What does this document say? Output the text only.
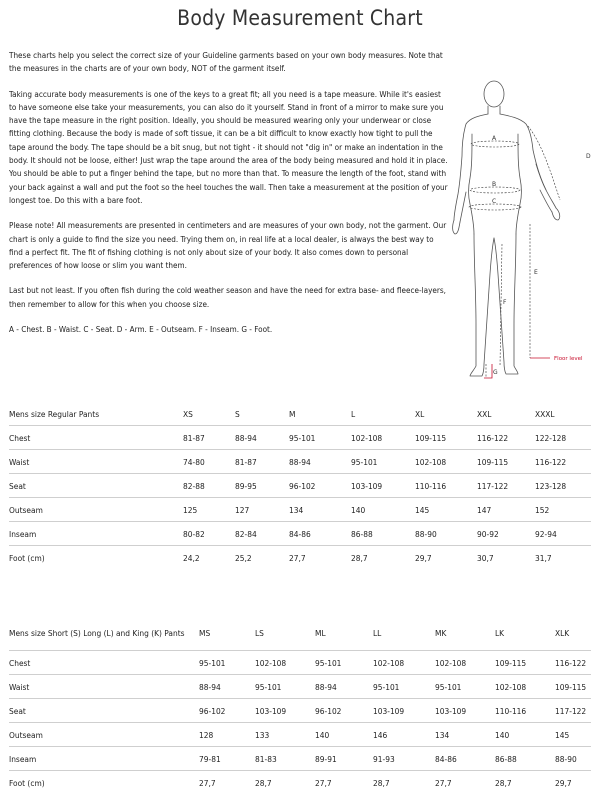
Body Measurement Chart

These charts help you select the correct size of your Guideline garments based on your own body measures. Note that the measures in the charts are of your own body, NOT of the garment itself.

Taking accurate body measurements is one of the keys to a great fit; all you need is a tape measure. While it's easiest to have someone else take your measurements, you can also do it yourself. Stand in front of a mirror to make sure you have the tape measure in the right position. Ideally, you should be measured wearing only your underwear or close fitting clothing. Because the body is made of soft tissue, it can be a bit difficult to know exactly how tight to pull the tape around the body. The tape should be a bit snug, but not tight - it should not "dig in" or make an indentation in the body. It should not be loose, either! Just wrap the tape around the area of the body being measured and hold it in place. You should be able to put a finger behind the tape, but no more than that. To measure the length of the foot, stand with your back against a wall and put the foot so the heel touches the wall. Then take a measurement at the position of your longest toe. Do this with a bare foot.

Please note! All measurements are presented in centimeters and are measures of your own body, not the garment. Our chart is only a guide to find the size you need. Trying them on, in real life at a local dealer, is always the best way to find a perfect fit. The fit of fishing clothing is not only about size of your body. It also comes down to personal preferences of how loose or slim you want them.

Last but not least. If you often fish during the cold weather season and have the need for extra base- and fleece-layers, then remember to allow for this when you choose size.

A - Chest. B - Waist. C - Seat. D - Arm. E - Outseam. F - Inseam. G - Foot.

A
B
C
D
E
F
G
Floor level
Mens size Regular Pants	XS	S	M	L	XL	XXL	XXXL
Chest	81-87	88-94	95-101	102-108	109-115	116-122	122-128
Waist	74-80	81-87	88-94	95-101	102-108	109-115	116-122
Seat	82-88	89-95	96-102	103-109	110-116	117-122	123-128
Outseam	125	127	134	140	145	147	152
Inseam	80-82	82-84	84-86	86-88	88-90	90-92	92-94
Foot (cm)	24,2	25,2	27,7	28,7	29,7	30,7	31,7
Mens size Short (S) Long (L) and King (K) Pants	MS	LS	ML	LL	MK	LK	XLK
Chest	95-101	102-108	95-101	102-108	102-108	109-115	116-122
Waist	88-94	95-101	88-94	95-101	95-101	102-108	109-115
Seat	96-102	103-109	96-102	103-109	103-109	110-116	117-122
Outseam	128	133	140	146	134	140	145
Inseam	79-81	81-83	89-91	91-93	84-86	86-88	88-90
Foot (cm)	27,7	28,7	27,7	28,7	27,7	28,7	29,7
